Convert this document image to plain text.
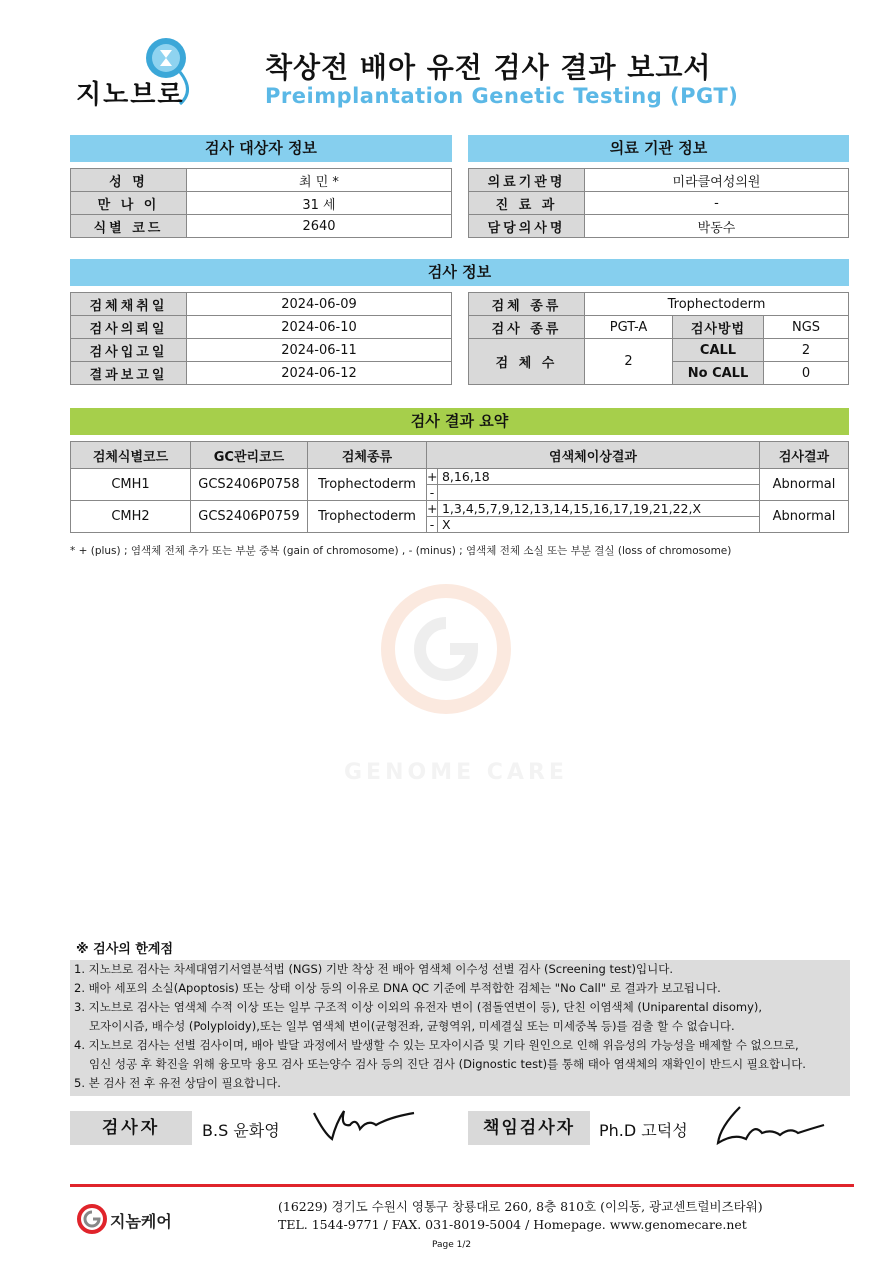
GENOME CARE
지노브로
착상전 배아 유전 검사 결과 보고서
Preimplantation Genetic Testing (PGT)
검사 대상자 정보	의료 기관 정보
성 명	최 민 *
만 나 이	31 세
식별 코드	2640
의료기관명	미라클여성의원
진 료 과	-
담당의사명	박동수
검사 정보
검체채취일	2024-06-09
검사의뢰일	2024-06-10
검사입고일	2024-06-11
결과보고일	2024-06-12
검체 종류	Trophectoderm		
검사 종류	PGT-A	검사방법	NGS
검 체 수	2	CALL	2
		No CALL	0
검사 결과 요약
검체식별코드	GC관리코드	검체종류	염색체이상결과	검사결과
CMH1	GCS2406P0758	Trophectoderm	+ 8,16,18	Abnormal
			-	
CMH2	GCS2406P0759	Trophectoderm	+ 1,3,4,5,7,9,12,13,14,15,16,17,19,21,22,X	Abnormal
			- X	
* + (plus) ; 염색체 전체 추가 또는 부분 중복 (gain of chromosome) , - (minus) ; 염색체 전체 소실 또는 부분 결실 (loss of chromosome)
※ 검사의 한계점

1. 지노브로 검사는 차세대염기서열분석법 (NGS) 기반 착상 전 배아 염색체 이수성 선별 검사 (Screening test)입니다.

2. 배아 세포의 소실(Apoptosis) 또는 상태 이상 등의 이유로 DNA QC 기준에 부적합한 검체는 "No Call" 로 결과가 보고됩니다.

3. 지노브로 검사는 염색체 수적 이상 또는 일부 구조적 이상 이외의 유전자 변이 (점돌연변이 등), 단친 이염색체 (Uniparental disomy),

모자이시즘, 배수성 (Polyploidy),또는 일부 염색체 변이(균형전좌, 균형역위, 미세결실 또는 미세중복 등)를 검출 할 수 없습니다.

4. 지노브로 검사는 선별 검사이며, 배아 발달 과정에서 발생할 수 있는 모자이시즘 및 기타 원인으로 인해 위음성의 가능성을 배제할 수 없으므로,

임신 성공 후 확진을 위해 융모막 융모 검사 또는양수 검사 등의 진단 검사 (Dignostic test)를 통해 태아 염색체의 재확인이 반드시 필요합니다.

5. 본 검사 전 후 유전 상담이 필요합니다.

검사자	B.S 윤화영	책임검사자	Ph.D 고덕성
지놈케어
(16229) 경기도 수원시 영통구 창룡대로 260, 8층 810호 (이의동, 광교센트럴비즈타워)
TEL. 1544-9771 / FAX. 031-8019-5004 / Homepage. www.genomecare.net
Page 1/2
